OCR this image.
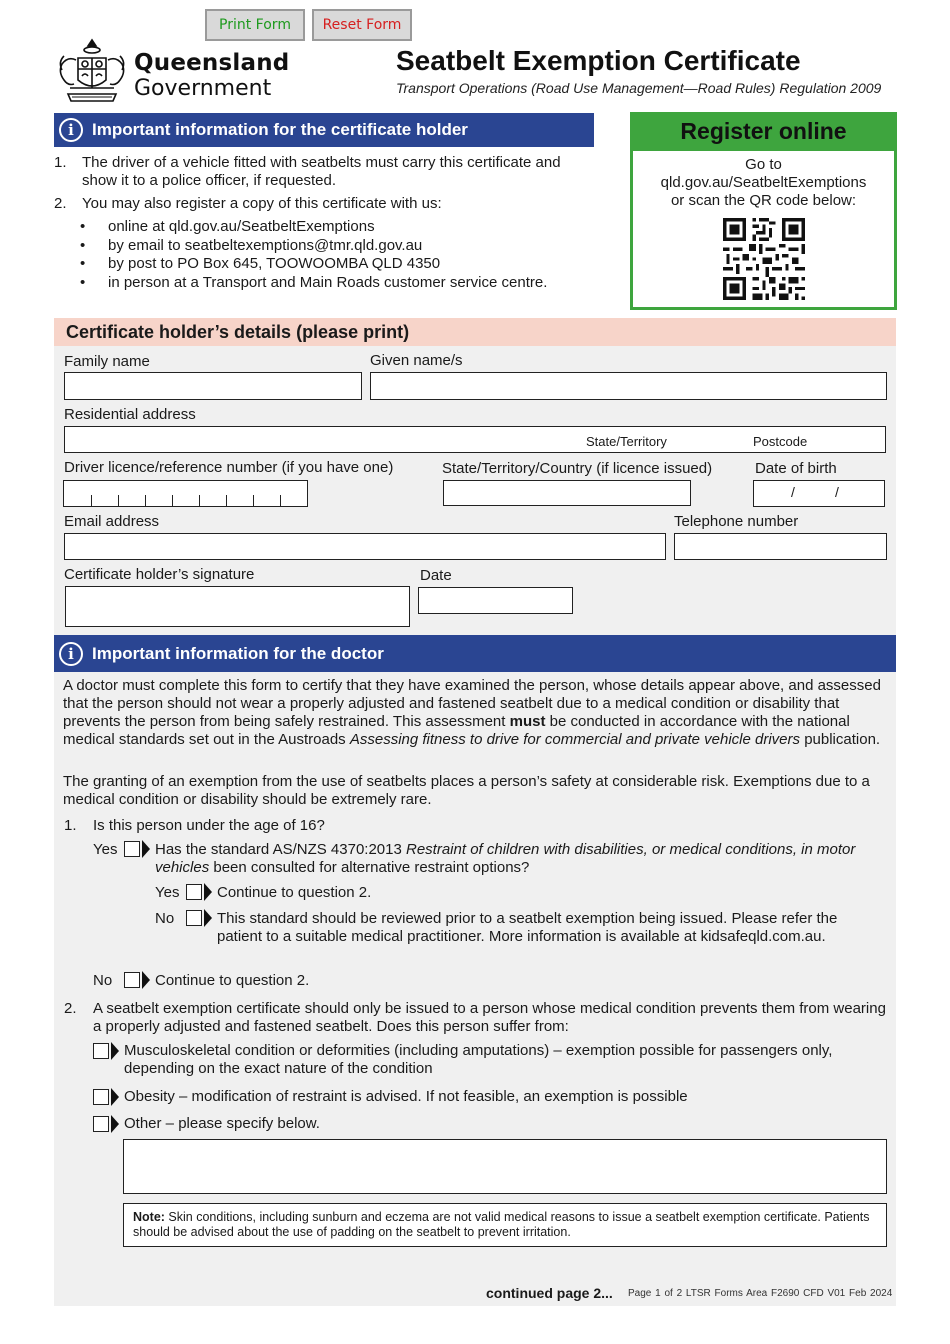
Print Form	Reset Form
Queensland
Government
Seatbelt Exemption Certificate
Transport Operations (Road Use Management—Road Rules) Regulation 2009
i	Important information for the certificate holder
1.	The driver of a vehicle fitted with seatbelts must carry this certificate and show it to a police officer, if requested.
2.	You may also register a copy of this certificate with us:
•	online at qld.gov.au/SeatbeltExemptions
•	by email to seatbeltexemptions@tmr.qld.gov.au
•	by post to PO Box 645, TOOWOOMBA QLD 4350
•	in person at a Transport and Main Roads customer service centre.
Register online
Go to
qld.gov.au/SeatbeltExemptions
or scan the QR code below:
Certificate holder’s details (please print)
Family name	Given name/s
Residential address
State/Territory	Postcode
Driver licence/reference number (if you have one)	State/Territory/Country (if licence issued)	Date of birth
/	/
Email address	Telephone number
Certificate holder’s signature	Date
i	Important information for the doctor
A doctor must complete this form to certify that they have examined the person, whose details appear above, and assessed that the person should not wear a properly adjusted and fastened seatbelt due to a medical condition or disability that prevents the person from being safely restrained. This assessment must be conducted in accordance with the national medical standards set out in the Austroads Assessing fitness to drive for commercial and private vehicle drivers publication.
The granting of an exemption from the use of seatbelts places a person’s safety at considerable risk. Exemptions due to a medical condition or disability should be extremely rare.
1. Is this person under the age of 16?
Yes	Has the standard AS/NZS 4370:2013 Restraint of children with disabilities, or medical conditions, in motor vehicles been consulted for alternative restraint options?
Yes	Continue to question 2.
No	This standard should be reviewed prior to a seatbelt exemption being issued. Please refer the patient to a suitable medical practitioner. More information is available at kidsafeqld.com.au.
No	Continue to question 2.
2. A seatbelt exemption certificate should only be issued to a person whose medical condition prevents them from wearing a properly adjusted and fastened seatbelt. Does this person suffer from:
Musculoskeletal condition or deformities (including amputations) – exemption possible for passengers only, depending on the exact nature of the condition
Obesity – modification of restraint is advised. If not feasible, an exemption is possible
Other – please specify below.
Note: Skin conditions, including sunburn and eczema are not valid medical reasons to issue a seatbelt exemption certificate. Patients should be advised about the use of padding on the seatbelt to prevent irritation.
continued page 2... Page 1 of 2 LTSR Forms Area F2690 CFD V01 Feb 2024
